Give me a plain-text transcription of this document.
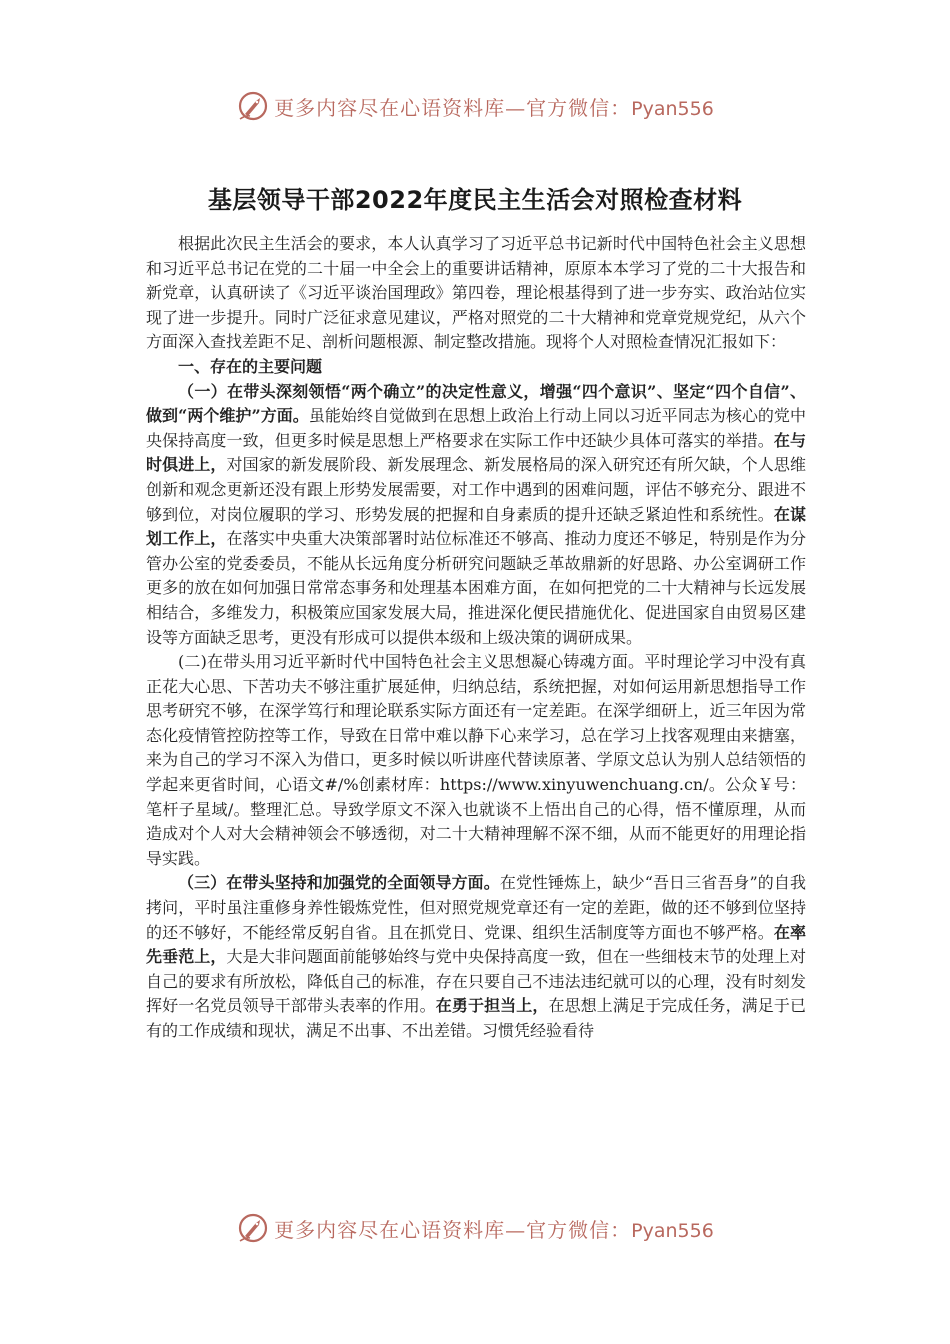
更多内容尽在心语资料库—官方微信：Pyan556
基层领导干部2022年度民主生活会对照检查材料

根据此次民主生活会的要求，本人认真学习了习近平总书记新时代中国特色社会主义思想和习近平总书记在党的二十届一中全会上的重要讲话精神，原原本本学习了党的二十大报告和新党章，认真研读了《习近平谈治国理政》第四卷，理论根基得到了进一步夯实、政治站位实现了进一步提升。同时广泛征求意见建议，严格对照党的二十大精神和党章党规党纪，从六个方面深入查找差距不足、剖析问题根源、制定整改措施。现将个人对照检查情况汇报如下：

一、存在的主要问题

（一）在带头深刻领悟“两个确立”的决定性意义，增强“四个意识”、坚定“四个自信”、做到“两个维护”方面。虽能始终自觉做到在思想上政治上行动上同以习近平同志为核心的党中央保持高度一致，但更多时候是思想上严格要求在实际工作中还缺少具体可落实的举措。在与时俱进上，对国家的新发展阶段、新发展理念、新发展格局的深入研究还有所欠缺，个人思维创新和观念更新还没有跟上形势发展需要，对工作中遇到的困难问题，评估不够充分、跟进不够到位，对岗位履职的学习、形势发展的把握和自身素质的提升还缺乏紧迫性和系统性。在谋划工作上，在落实中央重大决策部署时站位标准还不够高、推动力度还不够足，特别是作为分管办公室的党委委员，不能从长远角度分析研究问题缺乏革故鼎新的好思路、办公室调研工作更多的放在如何加强日常常态事务和处理基本困难方面，在如何把党的二十大精神与长远发展相结合，多维发力，积极策应国家发展大局，推进深化便民措施优化、促进国家自由贸易区建设等方面缺乏思考，更没有形成可以提供本级和上级决策的调研成果。

(二)在带头用习近平新时代中国特色社会主义思想凝心铸魂方面。平时理论学习中没有真正花大心思、下苦功夫不够注重扩展延伸，归纳总结，系统把握，对如何运用新思想指导工作思考研究不够，在深学笃行和理论联系实际方面还有一定差距。在深学细研上，近三年因为常态化疫情管控防控等工作，导致在日常中难以静下心来学习，总在学习上找客观理由来搪塞，来为自己的学习不深入为借口，更多时候以听讲座代替读原著、学原文总认为别人总结领悟的学起来更省时间，心语文#/%创素材库：https://www.xinyuwenchuang.cn/。公众￥号：笔杆子星域/。整理汇总。导致学原文不深入也就谈不上悟出自己的心得，悟不懂原理，从而造成对个人对大会精神领会不够透彻，对二十大精神理解不深不细，从而不能更好的用理论指导实践。

（三）在带头坚持和加强党的全面领导方面。在党性锤炼上，缺少“吾日三省吾身”的自我拷问，平时虽注重修身养性锻炼党性，但对照党规党章还有一定的差距，做的还不够到位坚持的还不够好，不能经常反躬自省。且在抓党日、党课、组织生活制度等方面也不够严格。在率先垂范上，大是大非问题面前能够始终与党中央保持高度一致，但在一些细枝末节的处理上对自己的要求有所放松，降低自己的标准，存在只要自己不违法违纪就可以的心理，没有时刻发挥好一名党员领导干部带头表率的作用。在勇于担当上，在思想上满足于完成任务，满足于已有的工作成绩和现状，满足不出事、不出差错。习惯凭经验看待

更多内容尽在心语资料库—官方微信：Pyan556
